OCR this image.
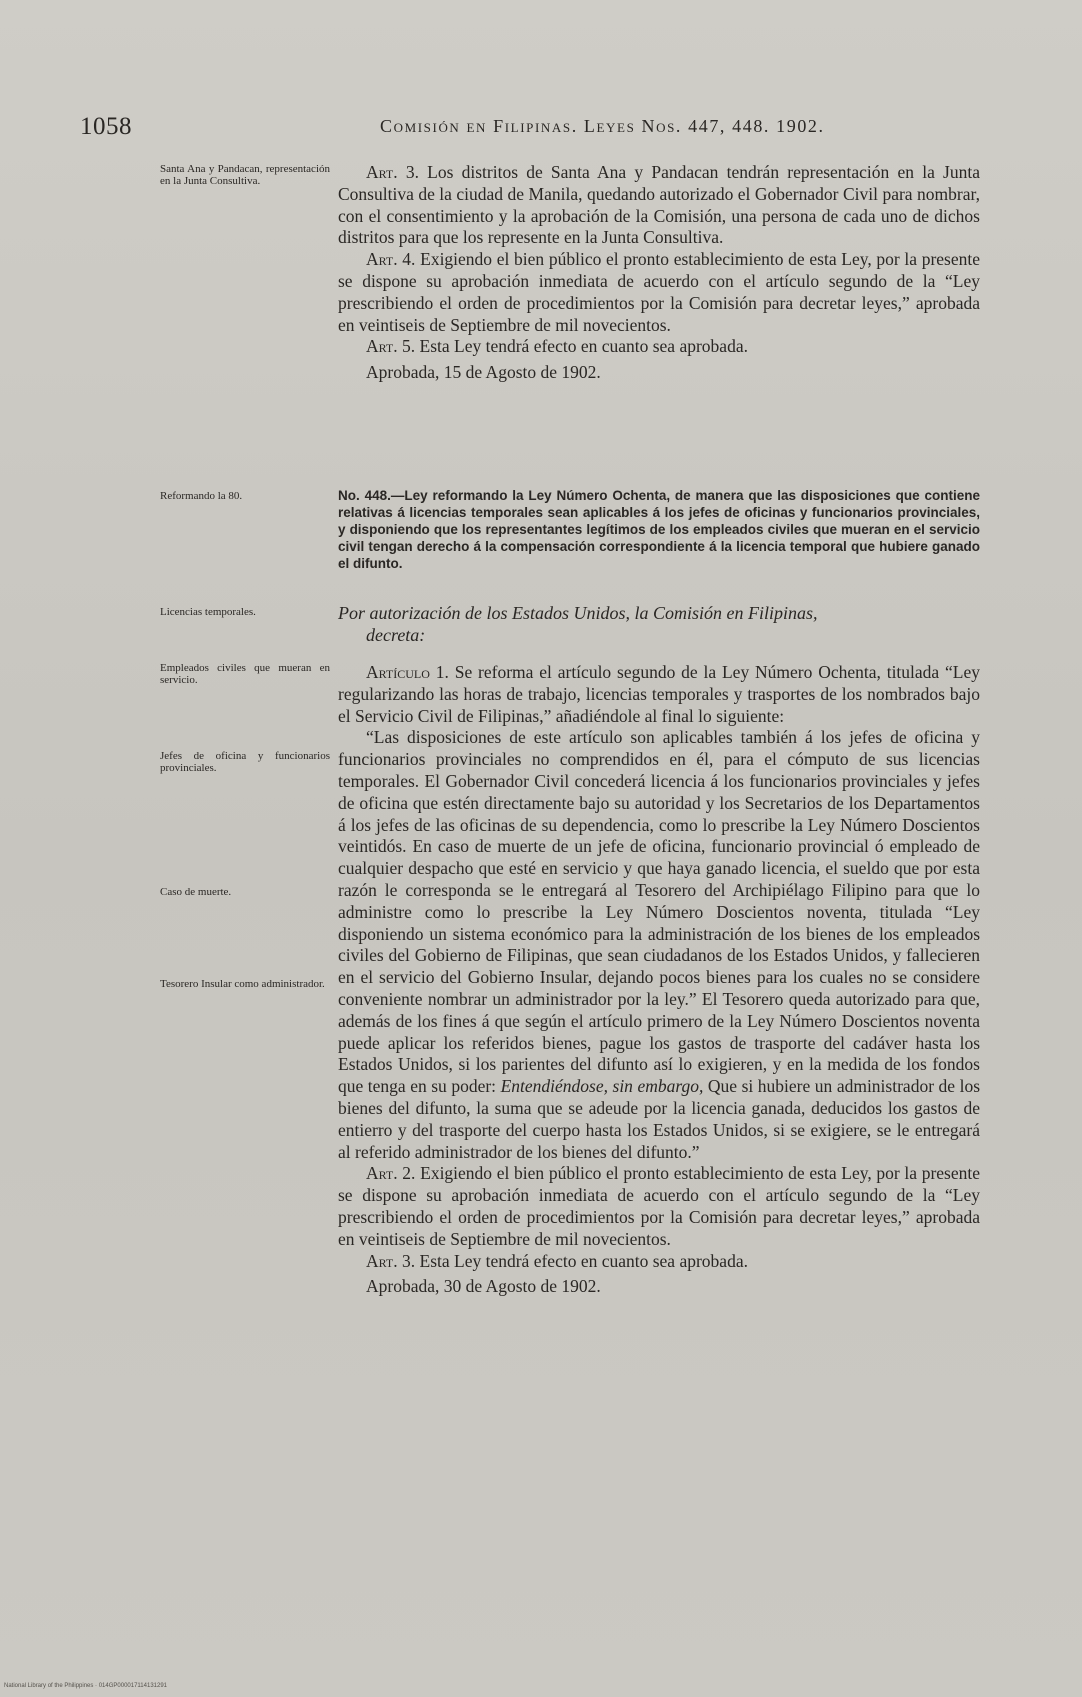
1058	Comisión en Filipinas. Leyes Nos. 447, 448. 1902.
Santa Ana y Pandacan, representación en la Junta Consultiva.
Reformando la 80.
Licencias temporales.
Empleados civiles que mueran en servicio.
Jefes de oficina y funcionarios provinciales.
Caso de muerte.
Tesorero Insular como administrador.

Art. 3. Los distritos de Santa Ana y Pandacan tendrán representación en la Junta Consultiva de la ciudad de Manila, quedando autorizado el Gobernador Civil para nombrar, con el consentimiento y la aprobación de la Comisión, una persona de cada uno de dichos distritos para que los represente en la Junta Consultiva.

Art. 4. Exigiendo el bien público el pronto establecimiento de esta Ley, por la presente se dispone su aprobación inmediata de acuerdo con el artículo segundo de la “Ley prescribiendo el orden de procedimientos por la Comisión para decretar leyes,” aprobada en veintiseis de Septiembre de mil novecientos.

Art. 5. Esta Ley tendrá efecto en cuanto sea aprobada.

Aprobada, 15 de Agosto de 1902.

No. 448.—Ley reformando la Ley Número Ochenta, de manera que las disposiciones que contiene relativas á licencias temporales sean aplicables á los jefes de oficinas y funcionarios provinciales, y disponiendo que los representantes legítimos de los empleados civiles que mueran en el servicio civil tengan derecho á la compensación correspondiente á la licencia temporal que hubiere ganado el difunto.
Por autorización de los Estados Unidos, la Comisión en Filipinas,
decreta:

Artículo 1. Se reforma el artículo segundo de la Ley Número Ochenta, titulada “Ley regularizando las horas de trabajo, licencias temporales y trasportes de los nombrados bajo el Servicio Civil de Filipinas,” añadiéndole al final lo siguiente:

“Las disposiciones de este artículo son aplicables también á los jefes de oficina y funcionarios provinciales no comprendidos en él, para el cómputo de sus licencias temporales. El Gobernador Civil concederá licencia á los funcionarios provinciales y jefes de oficina que estén directamente bajo su autoridad y los Secretarios de los Departamentos á los jefes de las oficinas de su dependencia, como lo prescribe la Ley Número Doscientos veintidós. En caso de muerte de un jefe de oficina, funcionario provincial ó empleado de cualquier despacho que esté en servicio y que haya ganado licencia, el sueldo que por esta razón le corresponda se le entregará al Tesorero del Archipiélago Filipino para que lo administre como lo prescribe la Ley Número Doscientos noventa, titulada “Ley disponiendo un sistema económico para la administración de los bienes de los empleados civiles del Gobierno de Filipinas, que sean ciudadanos de los Estados Unidos, y fallecieren en el servicio del Gobierno Insular, dejando pocos bienes para los cuales no se considere conveniente nombrar un administrador por la ley.” El Tesorero queda autorizado para que, además de los fines á que según el artículo primero de la Ley Número Doscientos noventa puede aplicar los referidos bienes, pague los gastos de trasporte del cadáver hasta los Estados Unidos, si los parientes del difunto así lo exigieren, y en la medida de los fondos que tenga en su poder: Entendiéndose, sin embargo, Que si hubiere un administrador de los bienes del difunto, la suma que se adeude por la licencia ganada, deducidos los gastos de entierro y del trasporte del cuerpo hasta los Estados Unidos, si se exigiere, se le entregará al referido administrador de los bienes del difunto.”

Art. 2. Exigiendo el bien público el pronto establecimiento de esta Ley, por la presente se dispone su aprobación inmediata de acuerdo con el artículo segundo de la “Ley prescribiendo el orden de procedimientos por la Comisión para decretar leyes,” aprobada en veintiseis de Septiembre de mil novecientos.

Art. 3. Esta Ley tendrá efecto en cuanto sea aprobada.

Aprobada, 30 de Agosto de 1902.

National Library of the Philippines · 014GP000017114131291
